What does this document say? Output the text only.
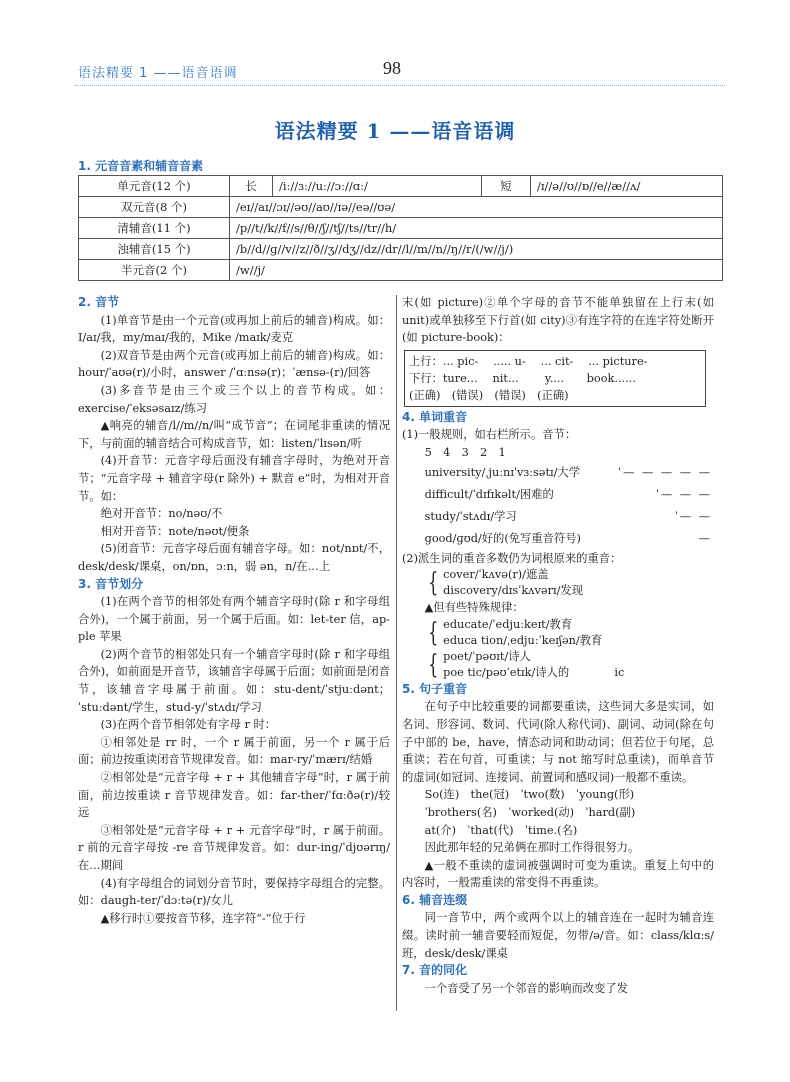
语法精要 1 ——语音语调	98
语法精要 1 ——语音语调
1. 元音音素和辅音音素
单元音(12 个)	长	/iː//ɜː//uː//ɔː//ɑː/	短	/ɪ//ə//ʊ//ɒ//e//æ//ʌ/
双元音(8 个)	/eɪ//aɪ//ɔɪ//əʊ//aʊ//ɪə//eə//ʊə/			
清辅音(11 个)	/p//t//k//f//s//θ//ʃ//tʃ//ts//tr//h/			
浊辅音(15 个)	/b//d//ɡ//v//z//ð//ʒ//dʒ//dz//dr//l//m//n//ŋ//r/(/w//j/)			
半元音(2 个)	/w//j/			
2. 音节

(1)单音节是由一个元音(或再加上前后的辅音)构成。如：I/aɪ/我，my/maɪ/我的，Mike /maɪk/麦克

(2)双音节是由两个元音(或再加上前后的辅音)构成。如：hour/ˈaʊə(r)/小时，answer /ˈɑːnsə(r)；ˈænsə-(r)/回答

(3)多音节是由三个或三个以上的音节构成。如：exercise/ˈeksəsaɪz/练习

▲响亮的辅音/l//m//n/叫“成节音”；在词尾非重读的情况下，与前面的辅音结合可构成音节，如：listen/ˈlɪsən/听

(4)开音节：元音字母后面没有辅音字母时，为绝对开音节；“元音字母 + 辅音字母(r 除外) + 默音 e”时，为相对开音节。如：

绝对开音节：no/nəʊ/不

相对开音节：note/nəʊt/便条

(5)闭音节：元音字母后面有辅音字母。如：not/nɒt/不，desk/desk/课桌，on/ɒn，ɔːn，弱 ən，n/在…上

3. 音节划分

(1)在两个音节的相邻处有两个辅音字母时(除 r 和字母组合外)，一个属于前面，另一个属于后面。如：let-ter 信，ap-ple 苹果

(2)两个音节的相邻处只有一个辅音字母时(除 r 和字母组合外)，如前面是开音节，该辅音字母属于后面；如前面是闭音节，该辅音字母属于前面。如：stu-dent/ˈstjuːdənt；ˈstuːdənt/学生，stud-y/ˈstʌdɪ/学习

(3)在两个音节相邻处有字母 r 时：

①相邻处是 rr 时，一个 r 属于前面，另一个 r 属于后面；前边按重读闭音节规律发音。如：mar-ry/ˈmærɪ/结婚

②相邻处是“元音字母 + r + 其他辅音字母”时，r 属于前面，前边按重读 r 音节规律发音。如：far-ther/ˈfɑːðə(r)/较远

③相邻处是“元音字母 + r + 元音字母”时，r 属于前面。r 前的元音字母按 -re 音节规律发音。如：dur-ing/ˈdjʊərɪŋ/在…期间

(4)有字母组合的词划分音节时，要保持字母组合的完整。如：daugh-ter/ˈdɔːtə(r)/女儿

▲移行时①要按音节移，连字符“-”位于行

末(如 picture)②单个字母的音节不能单独留在上行末(如 unit)或单独移至下行首(如 city)③有连字符的在连字符处断开(如 picture-book)：

上行：... pic-　 ..... u-　 ... cit-　 ... picture-
下行：ture...　 nit...　　 y....　　book......
(正确)　(错误)　(错误)　(正确)
4. 单词重音

(1)一般规则，如右栏所示。音节：

5　4　3　2　1

university/ˌjuːnɪˈvɜːsətɪ/大学	ˈ— — — — —
difficult/ˈdɪfɪkəlt/困难的	ˈ— — —
study/ˈstʌdɪ/学习	ˈ— —
good/ɡʊd/好的(免写重音符号)	—

(2)派生词的重音多数仍为词根原来的重音：

{ cover/ˈkʌvə(r)/遮盖
discovery/dɪsˈkʌvərɪ/发现

▲但有些特殊规律：

{ educate/ˈedjuːkeɪt/教育
educa tion/ˌedjuːˈkeɪʃən/教育
{ poet/ˈpəʊɪt/诗人
poe tic/pəʊˈetɪk/诗人的　　　　ic
5. 句子重音

在句子中比较重要的词都要重读，这些词大多是实词，如名词、形容词、数词、代词(除人称代词)、副词、动词(除在句子中部的 be，have，情态动词和助动词；但若位于句尾，总重读；若在句首，可重读；与 not 缩写时总重读)，而单音节的虚词(如冠词、连接词、前置词和感叹词)一般都不重读。

So(连)　the(冠)　ˈtwo(数)　ˈyoung(形)

ˈbrothers(名)　ˈworked(动)　ˈhard(副)

at(介)　ˈthat(代)　ˈtime.(名)

因此那年轻的兄弟俩在那时工作得很努力。

▲一般不重读的虚词被强调时可变为重读。重复上句中的内容时，一般需重读的常变得不再重读。

6. 辅音连缀

同一音节中，两个或两个以上的辅音连在一起时为辅音连缀。读时前一辅音要轻而短促，勿带/ə/音。如：class/klɑːs/班，desk/desk/课桌

7. 音的同化

一个音受了另一个邻音的影响而改变了发
